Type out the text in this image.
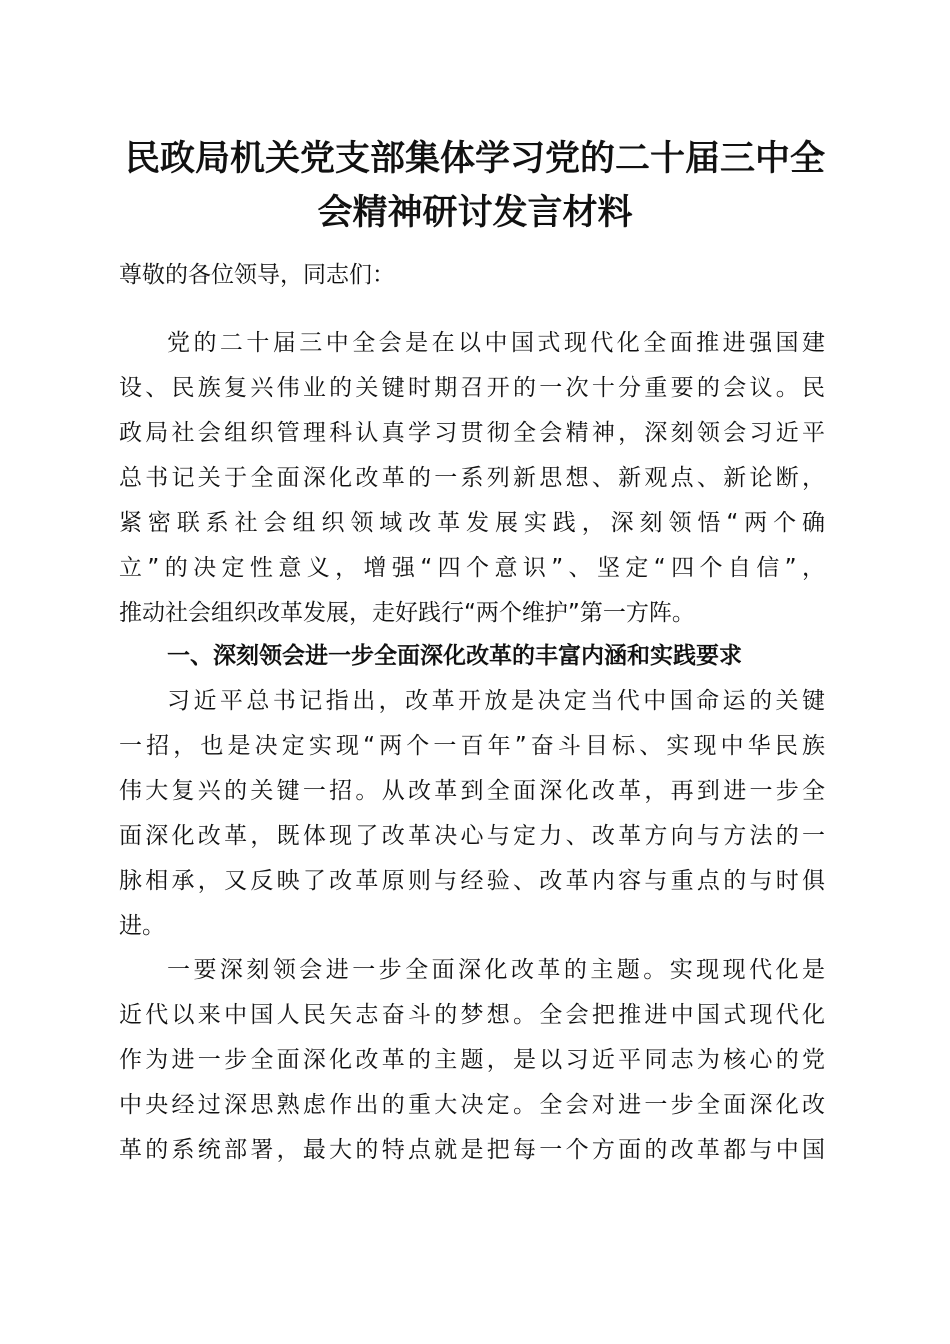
民政局机关党支部集体学习党的二十届三中全
会精神研讨发言材料
尊敬的各位领导，同志们：
党的二十届三中全会是在以中国式现代化全面推进强国建
设、民族复兴伟业的关键时期召开的一次十分重要的会议。民
政局社会组织管理科认真学习贯彻全会精神，深刻领会习近平
总书记关于全面深化改革的一系列新思想、新观点、新论断，
紧密联系社会组织领域改革发展实践，深刻领悟“两个确
立”的决定性意义，增强“四个意识”、坚定“四个自信”，
推动社会组织改革发展，走好践行“两个维护”第一方阵。
一、深刻领会进一步全面深化改革的丰富内涵和实践要求
习近平总书记指出，改革开放是决定当代中国命运的关键
一招，也是决定实现“两个一百年”奋斗目标、实现中华民族
伟大复兴的关键一招。从改革到全面深化改革，再到进一步全
面深化改革，既体现了改革决心与定力、改革方向与方法的一
脉相承，又反映了改革原则与经验、改革内容与重点的与时俱
进。
一要深刻领会进一步全面深化改革的主题。实现现代化是
近代以来中国人民矢志奋斗的梦想。全会把推进中国式现代化
作为进一步全面深化改革的主题，是以习近平同志为核心的党
中央经过深思熟虑作出的重大决定。全会对进一步全面深化改
革的系统部署，最大的特点就是把每一个方面的改革都与中国
